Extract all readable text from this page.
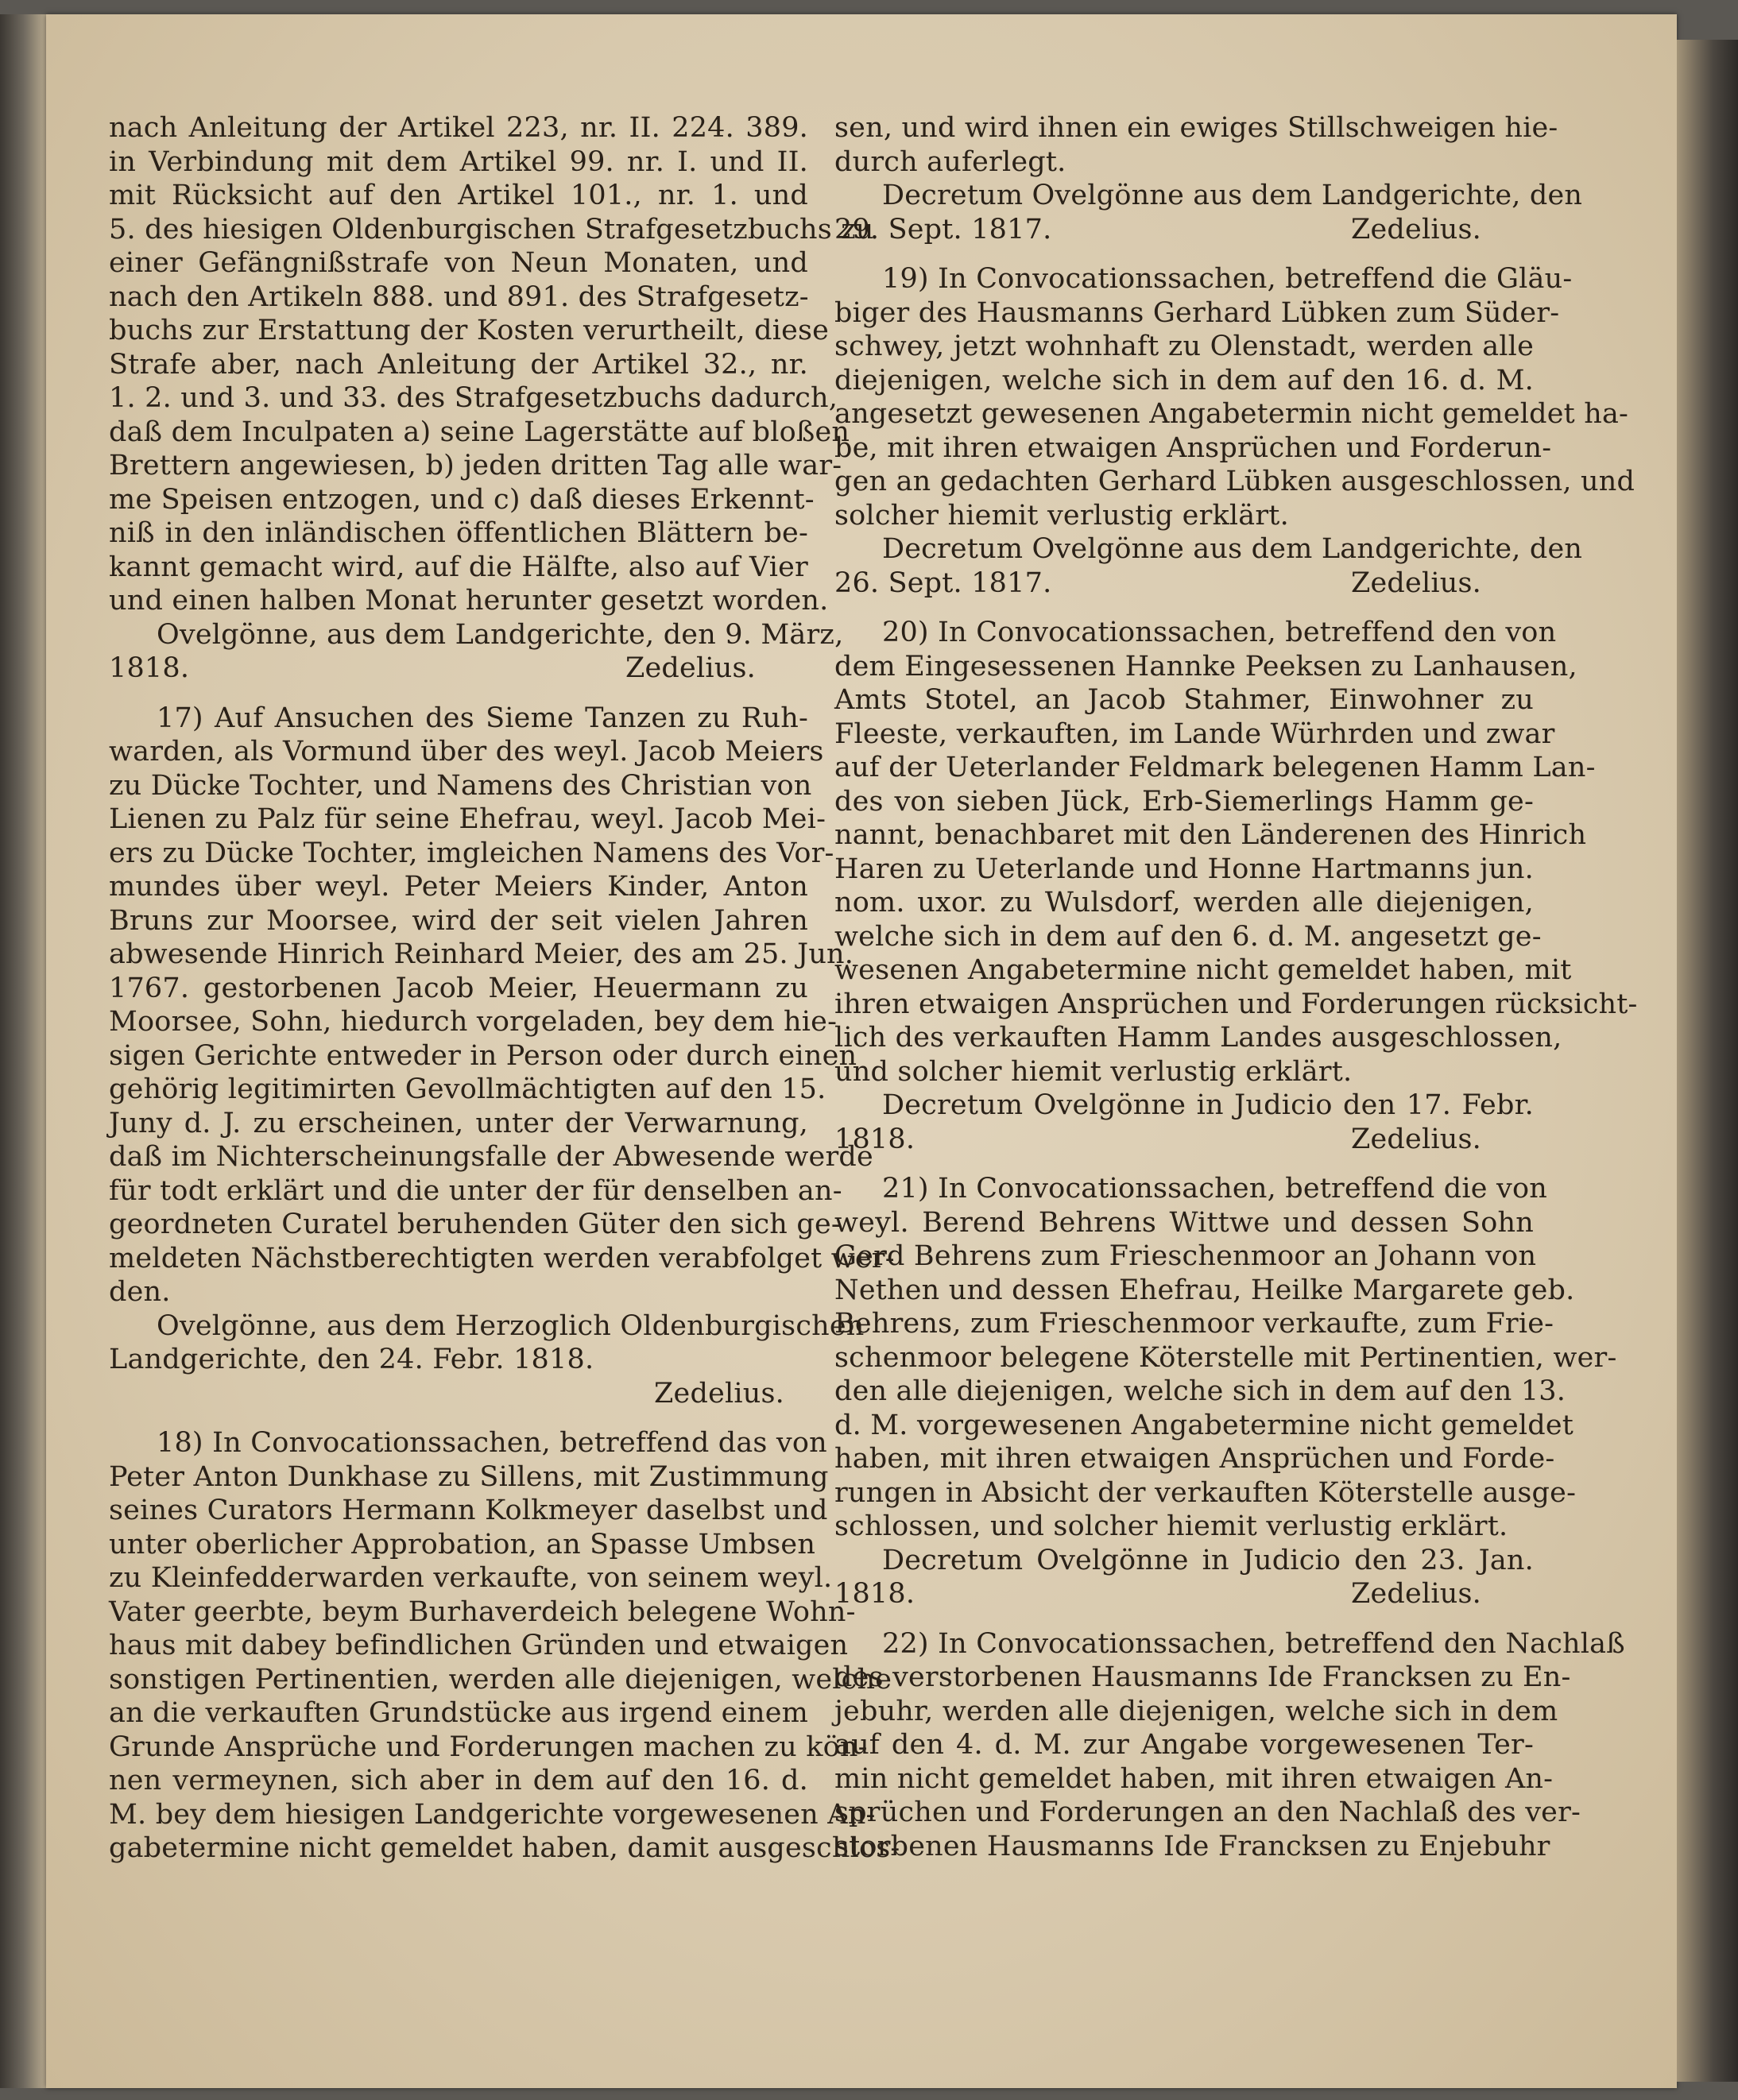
nach Anleitung der Artikel 223, nr. II. 224. 389.
in Verbindung mit dem Artikel 99. nr. I. und II.
mit Rücksicht auf den Artikel 101., nr. 1. und
5. des hiesigen Oldenburgischen Strafgesetzbuchs zu
einer Gefängnißstrafe von Neun Monaten, und
nach den Artikeln 888. und 891. des Strafgesetz-
buchs zur Erstattung der Kosten verurtheilt, diese
Strafe aber, nach Anleitung der Artikel 32., nr.
1. 2. und 3. und 33. des Strafgesetzbuchs dadurch,
daß dem Inculpaten a) seine Lagerstätte auf bloßen
Brettern angewiesen, b) jeden dritten Tag alle war-
me Speisen entzogen, und c) daß dieses Erkennt-
niß in den inländischen öffentlichen Blättern be-
kannt gemacht wird, auf die Hälfte, also auf Vier
und einen halben Monat herunter gesetzt worden.
Ovelgönne, aus dem Landgerichte, den 9. März,
1818.	Zedelius.
17) Auf Ansuchen des Sieme Tanzen zu Ruh-
warden, als Vormund über des weyl. Jacob Meiers
zu Dücke Tochter, und Namens des Christian von
Lienen zu Palz für seine Ehefrau, weyl. Jacob Mei-
ers zu Dücke Tochter, imgleichen Namens des Vor-
mundes über weyl. Peter Meiers Kinder, Anton
Bruns zur Moorsee, wird der seit vielen Jahren
abwesende Hinrich Reinhard Meier, des am 25. Jun.
1767. gestorbenen Jacob Meier, Heuermann zu
Moorsee, Sohn, hiedurch vorgeladen, bey dem hie-
sigen Gerichte entweder in Person oder durch einen
gehörig legitimirten Gevollmächtigten auf den 15.
Juny d. J. zu erscheinen, unter der Verwarnung,
daß im Nichterscheinungsfalle der Abwesende werde
für todt erklärt und die unter der für denselben an-
geordneten Curatel beruhenden Güter den sich ge-
meldeten Nächstberechtigten werden verabfolget wer-
den.
Ovelgönne, aus dem Herzoglich Oldenburgischen
Landgerichte, den 24. Febr. 1818.
Zedelius.
18) In Convocationssachen, betreffend das von
Peter Anton Dunkhase zu Sillens, mit Zustimmung
seines Curators Hermann Kolkmeyer daselbst und
unter oberlicher Approbation, an Spasse Umbsen
zu Kleinfedderwarden verkaufte, von seinem weyl.
Vater geerbte, beym Burhaverdeich belegene Wohn-
haus mit dabey befindlichen Gründen und etwaigen
sonstigen Pertinentien, werden alle diejenigen, welche
an die verkauften Grundstücke aus irgend einem
Grunde Ansprüche und Forderungen machen zu kön-
nen vermeynen, sich aber in dem auf den 16. d.
M. bey dem hiesigen Landgerichte vorgewesenen An-
gabetermine nicht gemeldet haben, damit ausgeschlos-
sen, und wird ihnen ein ewiges Stillschweigen hie-
durch auferlegt.
Decretum Ovelgönne aus dem Landgerichte, den
29. Sept. 1817.	Zedelius.
19) In Convocationssachen, betreffend die Gläu-
biger des Hausmanns Gerhard Lübken zum Süder-
schwey, jetzt wohnhaft zu Olenstadt, werden alle
diejenigen, welche sich in dem auf den 16. d. M.
angesetzt gewesenen Angabetermin nicht gemeldet ha-
be, mit ihren etwaigen Ansprüchen und Forderun-
gen an gedachten Gerhard Lübken ausgeschlossen, und
solcher hiemit verlustig erklärt.
Decretum Ovelgönne aus dem Landgerichte, den
26. Sept. 1817.	Zedelius.
20) In Convocationssachen, betreffend den von
dem Eingesessenen Hannke Peeksen zu Lanhausen,
Amts Stotel, an Jacob Stahmer, Einwohner zu
Fleeste, verkauften, im Lande Würhrden und zwar
auf der Ueterlander Feldmark belegenen Hamm Lan-
des von sieben Jück, Erb-Siemerlings Hamm ge-
nannt, benachbaret mit den Länderenen des Hinrich
Haren zu Ueterlande und Honne Hartmanns jun.
nom. uxor. zu Wulsdorf, werden alle diejenigen,
welche sich in dem auf den 6. d. M. angesetzt ge-
wesenen Angabetermine nicht gemeldet haben, mit
ihren etwaigen Ansprüchen und Forderungen rücksicht-
lich des verkauften Hamm Landes ausgeschlossen,
und solcher hiemit verlustig erklärt.
Decretum Ovelgönne in Judicio den 17. Febr.
1818.	Zedelius.
21) In Convocationssachen, betreffend die von
weyl. Berend Behrens Wittwe und dessen Sohn
Gerd Behrens zum Frieschenmoor an Johann von
Nethen und dessen Ehefrau, Heilke Margarete geb.
Behrens, zum Frieschenmoor verkaufte, zum Frie-
schenmoor belegene Köterstelle mit Pertinentien, wer-
den alle diejenigen, welche sich in dem auf den 13.
d. M. vorgewesenen Angabetermine nicht gemeldet
haben, mit ihren etwaigen Ansprüchen und Forde-
rungen in Absicht der verkauften Köterstelle ausge-
schlossen, und solcher hiemit verlustig erklärt.
Decretum Ovelgönne in Judicio den 23. Jan.
1818.	Zedelius.
22) In Convocationssachen, betreffend den Nachlaß
des verstorbenen Hausmanns Ide Francksen zu En-
jebuhr, werden alle diejenigen, welche sich in dem
auf den 4. d. M. zur Angabe vorgewesenen Ter-
min nicht gemeldet haben, mit ihren etwaigen An-
sprüchen und Forderungen an den Nachlaß des ver-
storbenen Hausmanns Ide Francksen zu Enjebuhr
